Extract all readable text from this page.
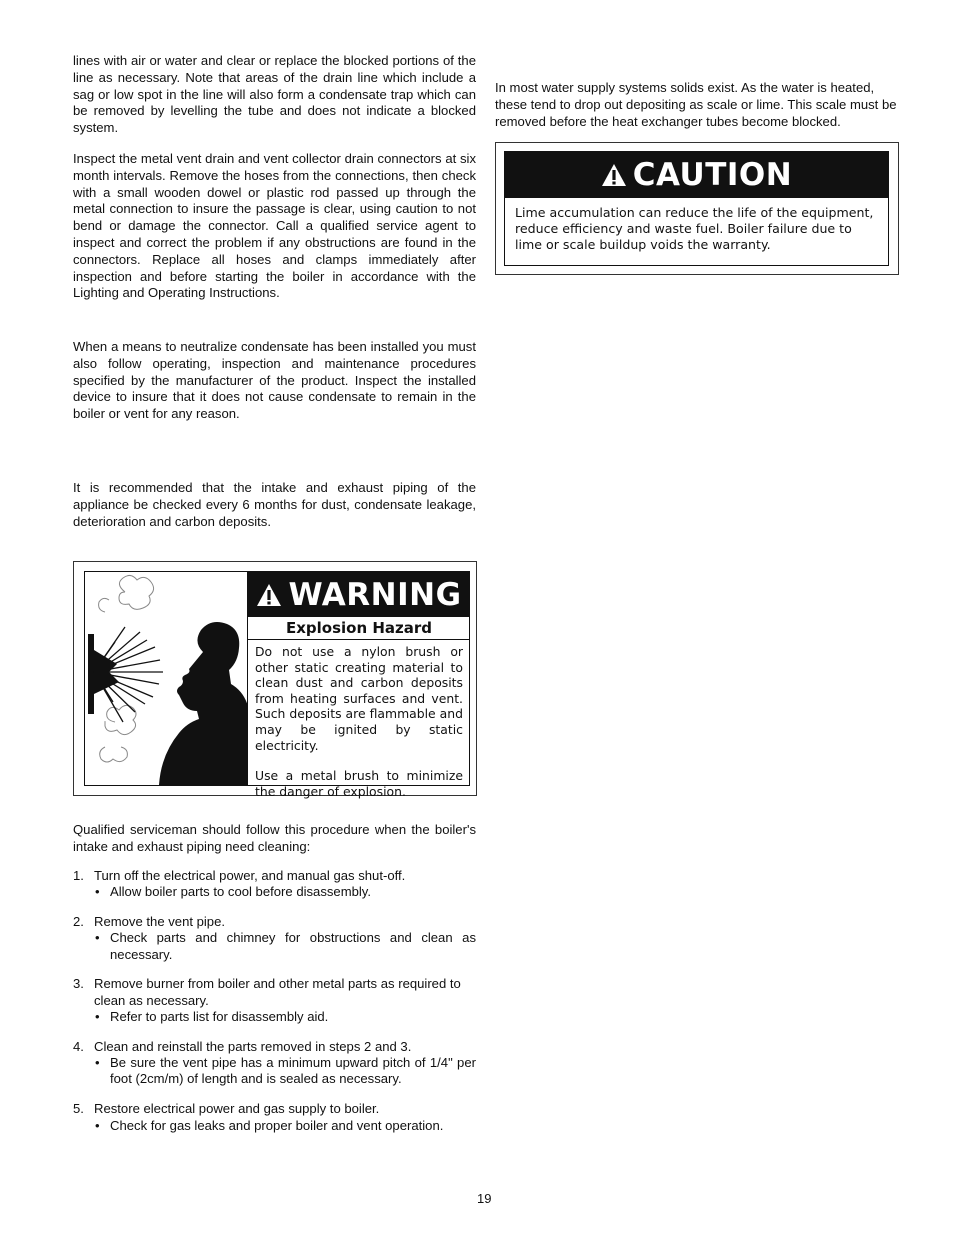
lines with air or water and clear or replace the blocked portions of the line as necessary. Note that areas of the drain line which include a sag or low spot in the line will also form a condensate trap which can be removed by levelling the tube and does not indicate a blocked system.

Inspect the metal vent drain and vent collector drain connectors at six month intervals. Remove the hoses from the connections, then check with a small wooden dowel or plastic rod passed up through the metal connection to insure the passage is clear, using caution to not bend or damage the connector. Call a qualified service agent to inspect and correct the problem if any obstructions are found in the connectors. Replace all hoses and clamps immediately after inspection and before starting the boiler in accordance with the Lighting and Operating Instructions.

When a means to neutralize condensate has been installed you must also follow operating, inspection and maintenance procedures specified by the manufacturer of the product. Inspect the installed device to insure that it does not cause condensate to remain in the boiler or vent for any reason.

It is recommended that the intake and exhaust piping of the appliance be checked every 6 months for dust, condensate leakage, deterioration and carbon deposits.

WARNING
Explosion Hazard

Do not use a nylon brush or other static creating material to clean dust and carbon deposits from heating surfaces and vent. Such deposits are flammable and may be ignited by static electricity.

Use a metal brush to minimize the danger of explosion.

Qualified serviceman should follow this procedure when the boiler's intake and exhaust piping need cleaning:

1. Turn off the electrical power, and manual gas shut-off.
• Allow boiler parts to cool before disassembly.
2. Remove the vent pipe.
• Check parts and chimney for obstructions and clean as necessary.
3. Remove burner from boiler and other metal parts as required to clean as necessary.
• Refer to parts list for disassembly aid.
4. Clean and reinstall the parts removed in steps 2 and 3.
• Be sure the vent pipe has a minimum upward pitch of 1/4" per foot (2cm/m) of length and is sealed as necessary.
5. Restore electrical power and gas supply to boiler.
• Check for gas leaks and proper boiler and vent operation.

In most water supply systems solids exist. As the water is heated, these tend to drop out depositing as scale or lime. This scale must be removed before the heat exchanger tubes become blocked.

CAUTION

Lime accumulation can reduce the life of the equipment, reduce efficiency and waste fuel. Boiler failure due to lime or scale buildup voids the warranty.

19
